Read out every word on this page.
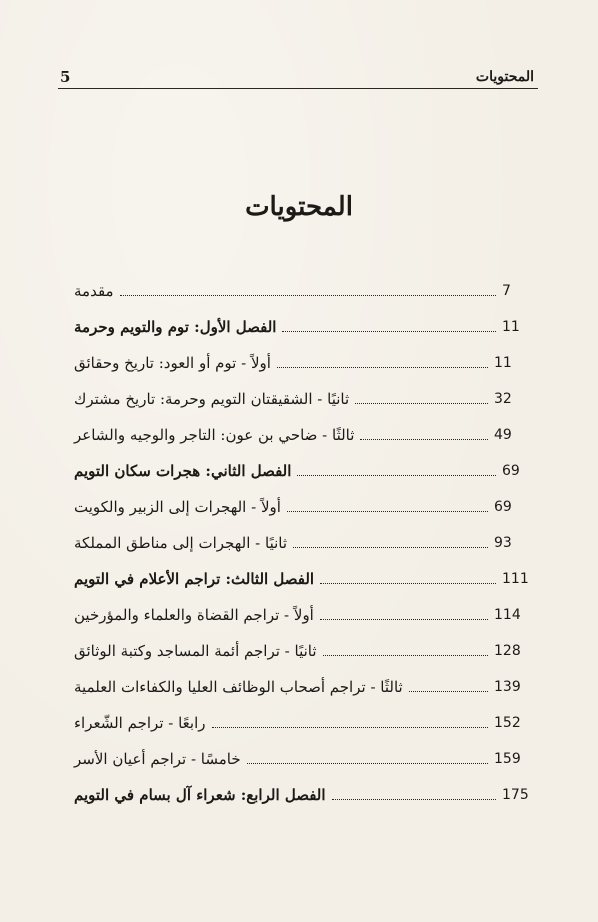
5	المحتويات
المحتويات
مقدمة	7
الفصل الأول: توم والتويم وحرمة	11
أولاً - توم أو العود: تاريخ وحقائق	11
ثانيًا - الشقيقتان التويم وحرمة: تاريخ مشترك	32
ثالثًا - ضاحي بن عون: التاجر والوجيه والشاعر	49
الفصل الثاني: هجرات سكان التويم	69
أولاً - الهجرات إلى الزبير والكويت	69
ثانيًا - الهجرات إلى مناطق المملكة	93
الفصل الثالث: تراجم الأعلام في التويم	111
أولاً - تراجم القضاة والعلماء والمؤرخين	114
ثانيًا - تراجم أئمة المساجد وكتبة الوثائق	128
ثالثًا - تراجم أصحاب الوظائف العليا والكفاءات العلمية	139
رابعًا - تراجم الشّعراء	152
خامسًا - تراجم أعيان الأسر	159
الفصل الرابع: شعراء آل بسام في التويم	175
